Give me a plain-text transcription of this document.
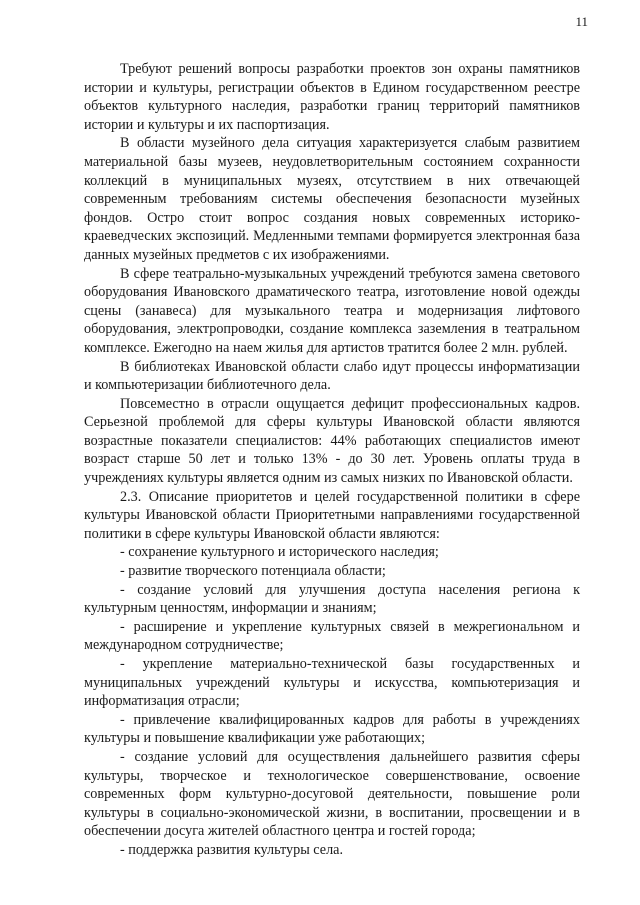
11

Требуют решений вопросы разработки проектов зон охраны памятников истории и культуры, регистрации объектов в Едином государственном реестре объектов культурного наследия, разработки границ территорий памятников истории и культуры и их паспортизация.

В области музейного дела ситуация характеризуется слабым развитием материальной базы музеев, неудовлетворительным состоянием сохранности коллекций в муниципальных музеях, отсутствием в них отвечающей современным требованиям системы обеспечения безопасности музейных фондов. Остро стоит вопрос создания новых современных историко-краеведческих экспозиций. Медленными темпами формируется электронная база данных музейных предметов с их изображениями.

В сфере театрально-музыкальных учреждений требуются замена светового оборудования Ивановского драматического театра, изготовление новой одежды сцены (занавеса) для музыкального театра и модернизация лифтового оборудования, электропроводки, создание комплекса заземления в театральном комплексе. Ежегодно на наем жилья для артистов тратится более 2 млн. рублей.

В библиотеках Ивановской области слабо идут процессы информатизации и компьютеризации библиотечного дела.

Повсеместно в отрасли ощущается дефицит профессиональных кадров. Серьезной проблемой для сферы культуры Ивановской области являются возрастные показатели специалистов: 44% работающих специалистов имеют возраст старше 50 лет и только 13% - до 30 лет. Уровень оплаты труда в учреждениях культуры является одним из самых низких по Ивановской области.

2.3. Описание приоритетов и целей государственной политики в сфере культуры Ивановской области Приоритетными направлениями государственной политики в сфере культуры Ивановской области являются:

- сохранение культурного и исторического наследия;
- развитие творческого потенциала области;
- создание условий для улучшения доступа населения региона к культурным ценностям, информации и знаниям;
- расширение и укрепление культурных связей в межрегиональном и международном сотрудничестве;
- укрепление материально-технической базы государственных и муниципальных учреждений культуры и искусства, компьютеризация и информатизация отрасли;
- привлечение квалифицированных кадров для работы в учреждениях культуры и повышение квалификации уже работающих;
- создание условий для осуществления дальнейшего развития сферы культуры, творческое и технологическое совершенствование, освоение современных форм культурно-досуговой деятельности, повышение роли культуры в социально-экономической жизни, в воспитании, просвещении и в обеспечении досуга жителей областного центра и гостей города;
- поддержка развития культуры села.
